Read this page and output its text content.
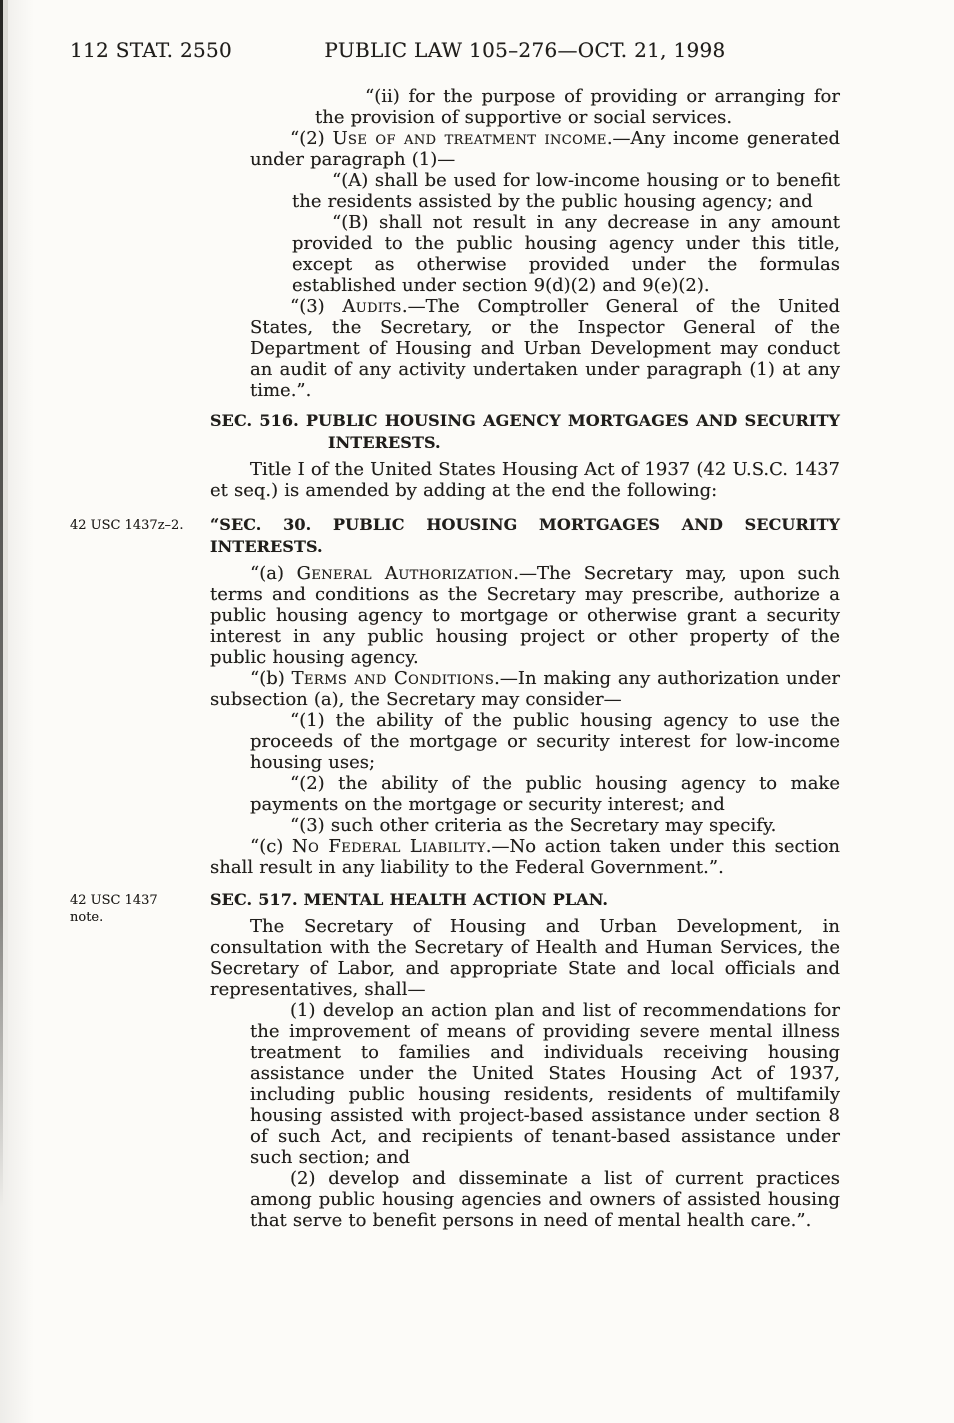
112 STAT. 2550	PUBLIC LAW 105–276—OCT. 21, 1998

“(ii) for the purpose of providing or arranging for the provision of supportive or social services.

“(2) Use of and treatment income.—Any income generated under paragraph (1)—

“(A) shall be used for low-income housing or to benefit the residents assisted by the public housing agency; and

“(B) shall not result in any decrease in any amount provided to the public housing agency under this title, except as otherwise provided under the formulas established under section 9(d)(2) and 9(e)(2).

“(3) Audits.—The Comptroller General of the United States, the Secretary, or the Inspector General of the Department of Housing and Urban Development may conduct an audit of any activity undertaken under paragraph (1) at any time.”.

SEC. 516. PUBLIC HOUSING AGENCY MORTGAGES AND SECURITY
INTERESTS.

Title I of the United States Housing Act of 1937 (42 U.S.C. 1437 et seq.) is amended by adding at the end the following:

42 USC 1437z–2.	“SEC. 30. PUBLIC HOUSING MORTGAGES AND SECURITY INTERESTS.

“(a) General Authorization.—The Secretary may, upon such terms and conditions as the Secretary may prescribe, authorize a public housing agency to mortgage or otherwise grant a security interest in any public housing project or other property of the public housing agency.

“(b) Terms and Conditions.—In making any authorization under subsection (a), the Secretary may consider—

“(1) the ability of the public housing agency to use the proceeds of the mortgage or security interest for low-income housing uses;

“(2) the ability of the public housing agency to make payments on the mortgage or security interest; and

“(3) such other criteria as the Secretary may specify.

“(c) No Federal Liability.—No action taken under this section shall result in any liability to the Federal Government.”.

42 USC 1437
note.
SEC. 517. MENTAL HEALTH ACTION PLAN.

The Secretary of Housing and Urban Development, in consultation with the Secretary of Health and Human Services, the Secretary of Labor, and appropriate State and local officials and representatives, shall—

(1) develop an action plan and list of recommendations for the improvement of means of providing severe mental illness treatment to families and individuals receiving housing assistance under the United States Housing Act of 1937, including public housing residents, residents of multifamily housing assisted with project-based assistance under section 8 of such Act, and recipients of tenant-based assistance under such section; and

(2) develop and disseminate a list of current practices among public housing agencies and owners of assisted housing that serve to benefit persons in need of mental health care.”.
